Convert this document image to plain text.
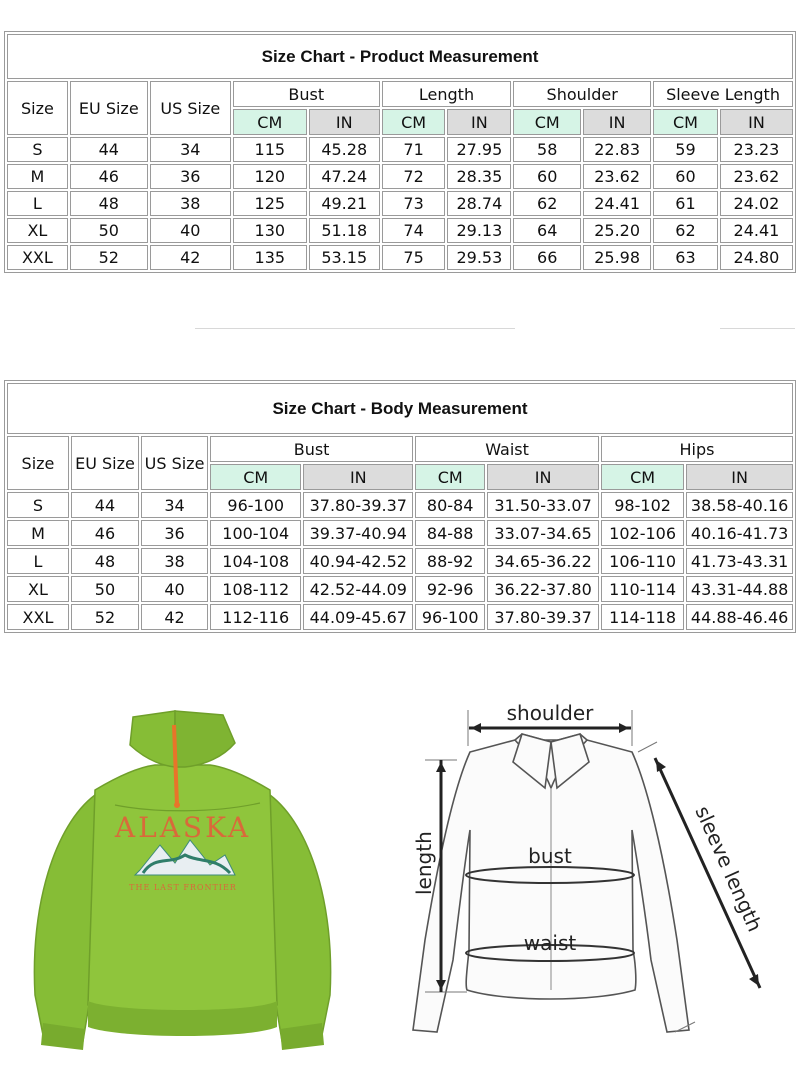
Size Chart - Product Measurement										
Size	EU Size	US Size	Bust		Length		Shoulder		Sleeve Length	
			CM	IN	CM	IN	CM	IN	CM	IN
S	44	34	115	45.28	71	27.95	58	22.83	59	23.23
M	46	36	120	47.24	72	28.35	60	23.62	60	23.62
L	48	38	125	49.21	73	28.74	62	24.41	61	24.02
XL	50	40	130	51.18	74	29.13	64	25.20	62	24.41
XXL	52	42	135	53.15	75	29.53	66	25.98	63	24.80
Size Chart - Body Measurement								
Size	EU Size	US Size	Bust		Waist		Hips	
			CM	IN	CM	IN	CM	IN
S	44	34	96-100	37.80-39.37	80-84	31.50-33.07	98-102	38.58-40.16
M	46	36	100-104	39.37-40.94	84-88	33.07-34.65	102-106	40.16-41.73
L	48	38	104-108	40.94-42.52	88-92	34.65-36.22	106-110	41.73-43.31
XL	50	40	108-112	42.52-44.09	92-96	36.22-37.80	110-114	43.31-44.88
XXL	52	42	112-116	44.09-45.67	96-100	37.80-39.37	114-118	44.88-46.46
ALASKA
THE LAST FRONTIER
shoulder
length	bust
waist
sleeve length
